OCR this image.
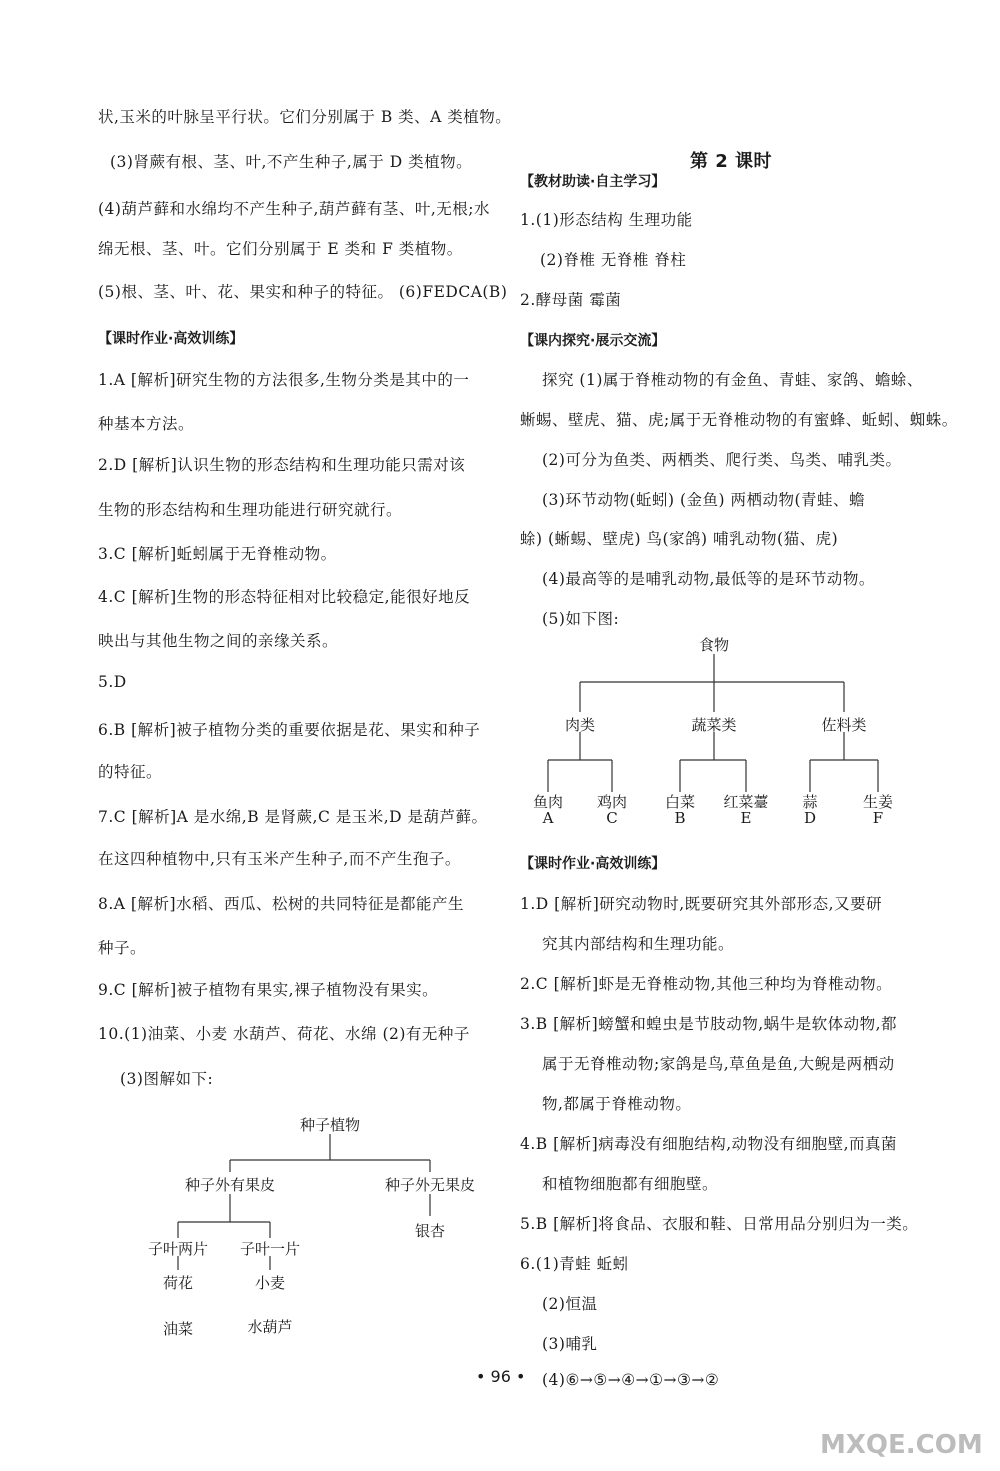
状,玉米的叶脉呈平行状。它们分别属于 B 类、A 类植物。
(3)肾蕨有根、茎、叶,不产生种子,属于 D 类植物。
(4)葫芦藓和水绵均不产生种子,葫芦藓有茎、叶,无根;水
绵无根、茎、叶。它们分别属于 E 类和 F 类植物。
(5)根、茎、叶、花、果实和种子的特征。 (6)FEDCA(B)
【课时作业·高效训练】
1.A [解析]研究生物的方法很多,生物分类是其中的一
种基本方法。
2.D [解析]认识生物的形态结构和生理功能只需对该
生物的形态结构和生理功能进行研究就行。
3.C [解析]蚯蚓属于无脊椎动物。
4.C [解析]生物的形态特征相对比较稳定,能很好地反
映出与其他生物之间的亲缘关系。
5.D
6.B [解析]被子植物分类的重要依据是花、果实和种子
的特征。
7.C [解析]A 是水绵,B 是肾蕨,C 是玉米,D 是葫芦藓。
在这四种植物中,只有玉米产生种子,而不产生孢子。
8.A [解析]水稻、西瓜、松树的共同特征是都能产生
种子。
9.C [解析]被子植物有果实,裸子植物没有果实。
10.(1)油菜、小麦 水葫芦、荷花、水绵 (2)有无种子
(3)图解如下:
种子植物
种子外有果皮	种子外无果皮
银杏
子叶两片 子叶一片
荷花	小麦
油菜	水葫芦
第 2 课时
【教材助读·自主学习】
1.(1)形态结构 生理功能
(2)脊椎 无脊椎 脊柱
2.酵母菌 霉菌
【课内探究·展示交流】
探究 (1)属于脊椎动物的有金鱼、青蛙、家鸽、蟾蜍、
蜥蜴、壁虎、猫、虎;属于无脊椎动物的有蜜蜂、蚯蚓、蜘蛛。
(2)可分为鱼类、两栖类、爬行类、鸟类、哺乳类。
(3)环节动物(蚯蚓) (金鱼) 两栖动物(青蛙、蟾
蜍) (蜥蜴、壁虎) 鸟(家鸽) 哺乳动物(猫、虎)
(4)最高等的是哺乳动物,最低等的是环节动物。
(5)如下图:
【课时作业·高效训练】
1.D [解析]研究动物时,既要研究其外部形态,又要研
究其内部结构和生理功能。
2.C [解析]虾是无脊椎动物,其他三种均为脊椎动物。
3.B [解析]螃蟹和蝗虫是节肢动物,蜗牛是软体动物,都
属于无脊椎动物;家鸽是鸟,草鱼是鱼,大鲵是两栖动
物,都属于脊椎动物。
4.B [解析]病毒没有细胞结构,动物没有细胞壁,而真菌
和植物细胞都有细胞壁。
5.B [解析]将食品、衣服和鞋、日常用品分别归为一类。
6.(1)青蛙 蚯蚓
(2)恒温
(3)哺乳
(4)⑥→⑤→④→①→③→②
食物
肉类	蔬菜类	佐料类
鱼肉
A
鸡肉
C
白菜
B
红菜薹
E
蒜
D
生姜
F
• 96 •
MXQE.COM
